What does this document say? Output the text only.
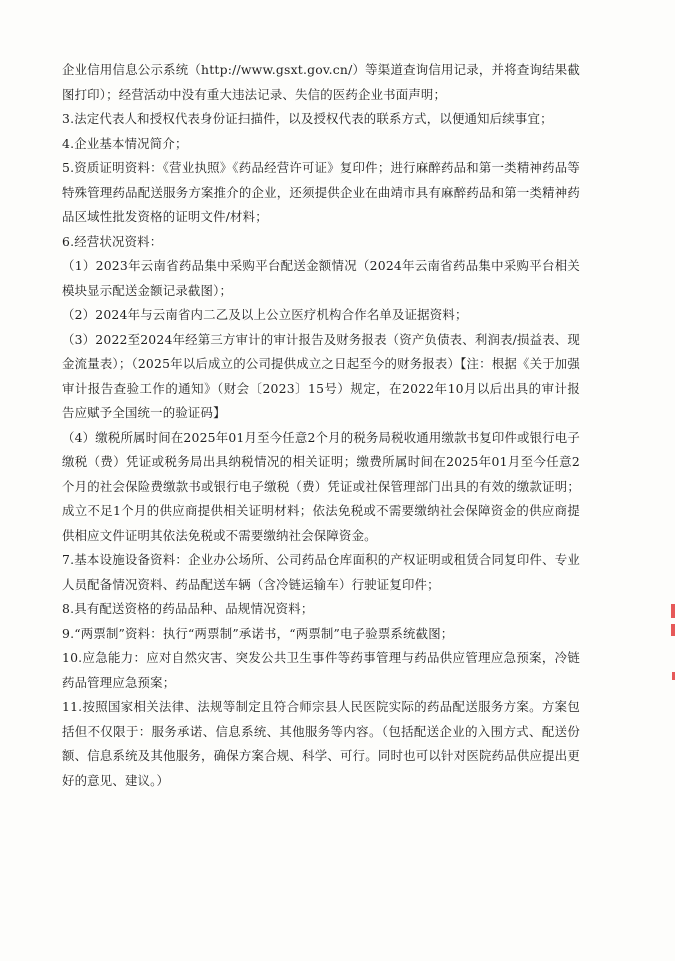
企业信用信息公示系统（http://www.gsxt.gov.cn/）等渠道查询信用记录，并将查询结果截图打印）；经营活动中没有重大违法记录、失信的医药企业书面声明；

3.法定代表人和授权代表身份证扫描件，以及授权代表的联系方式，以便通知后续事宜；

4.企业基本情况简介；

5.资质证明资料：《营业执照》《药品经营许可证》复印件；进行麻醉药品和第一类精神药品等特殊管理药品配送服务方案推介的企业，还须提供企业在曲靖市具有麻醉药品和第一类精神药品区域性批发资格的证明文件/材料；

6.经营状况资料：

（1）2023年云南省药品集中采购平台配送金额情况（2024年云南省药品集中采购平台相关模块显示配送金额记录截图）；

（2）2024年与云南省内二乙及以上公立医疗机构合作名单及证据资料；

（3）2022至2024年经第三方审计的审计报告及财务报表（资产负债表、利润表/损益表、现金流量表）；（2025年以后成立的公司提供成立之日起至今的财务报表）【注：根据《关于加强审计报告查验工作的通知》（财会〔2023〕15号）规定，在2022年10月以后出具的审计报告应赋予全国统一的验证码】

（4）缴税所属时间在2025年01月至今任意2个月的税务局税收通用缴款书复印件或银行电子缴税（费）凭证或税务局出具纳税情况的相关证明；缴费所属时间在2025年01月至今任意2个月的社会保险费缴款书或银行电子缴税（费）凭证或社保管理部门出具的有效的缴款证明；成立不足1个月的供应商提供相关证明材料；依法免税或不需要缴纳社会保障资金的供应商提供相应文件证明其依法免税或不需要缴纳社会保障资金。

7.基本设施设备资料：企业办公场所、公司药品仓库面积的产权证明或租赁合同复印件、专业人员配备情况资料、药品配送车辆（含冷链运输车）行驶证复印件；

8.具有配送资格的药品品种、品规情况资料；

9.“两票制”资料：执行“两票制”承诺书，“两票制”电子验票系统截图；

10.应急能力：应对自然灾害、突发公共卫生事件等药事管理与药品供应管理应急预案，冷链药品管理应急预案；

11.按照国家相关法律、法规等制定且符合师宗县人民医院实际的药品配送服务方案。方案包括但不仅限于：服务承诺、信息系统、其他服务等内容。（包括配送企业的入围方式、配送份额、信息系统及其他服务，确保方案合规、科学、可行。同时也可以针对医院药品供应提出更好的意见、建议。）
